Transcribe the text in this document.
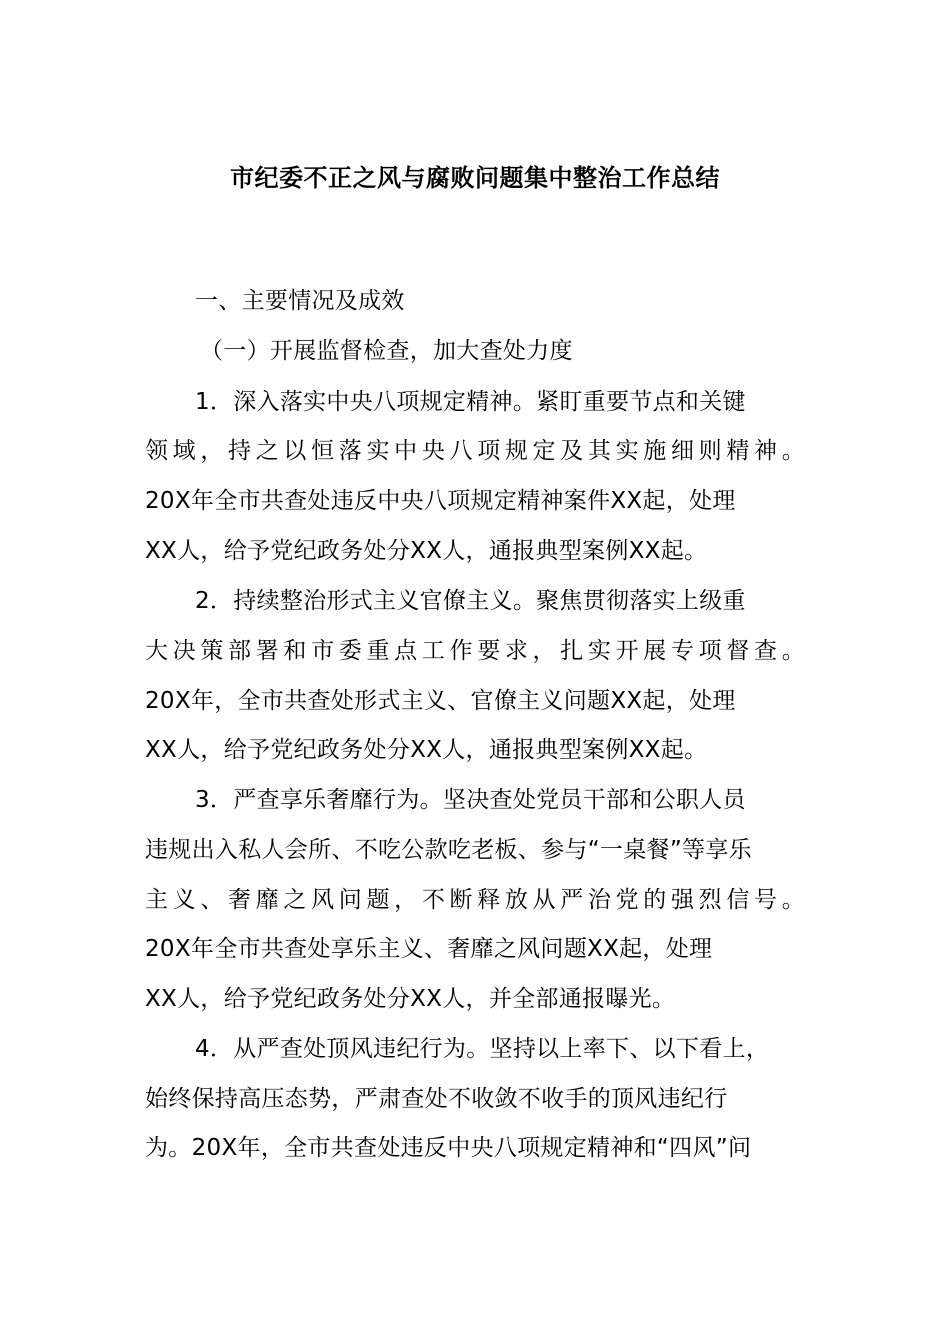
市纪委不正之风与腐败问题集中整治工作总结
一、主要情况及成效
（一）开展监督检查，加大查处力度
1．深入落实中央八项规定精神。紧盯重要节点和关键
领域，持之以恒落实中央八项规定及其实施细则精神。
20X年全市共查处违反中央八项规定精神案件XX起，处理
XX人，给予党纪政务处分XX人，通报典型案例XX起。
2．持续整治形式主义官僚主义。聚焦贯彻落实上级重
大决策部署和市委重点工作要求，扎实开展专项督查。
20X年，全市共查处形式主义、官僚主义问题XX起，处理
XX人，给予党纪政务处分XX人，通报典型案例XX起。
3．严查享乐奢靡行为。坚决查处党员干部和公职人员
违规出入私人会所、不吃公款吃老板、参与“一桌餐”等享乐
主义、奢靡之风问题，不断释放从严治党的强烈信号。
20X年全市共查处享乐主义、奢靡之风问题XX起，处理
XX人，给予党纪政务处分XX人，并全部通报曝光。
4．从严查处顶风违纪行为。坚持以上率下、以下看上，
始终保持高压态势，严肃查处不收敛不收手的顶风违纪行
为。20X年，全市共查处违反中央八项规定精神和“四风”问
